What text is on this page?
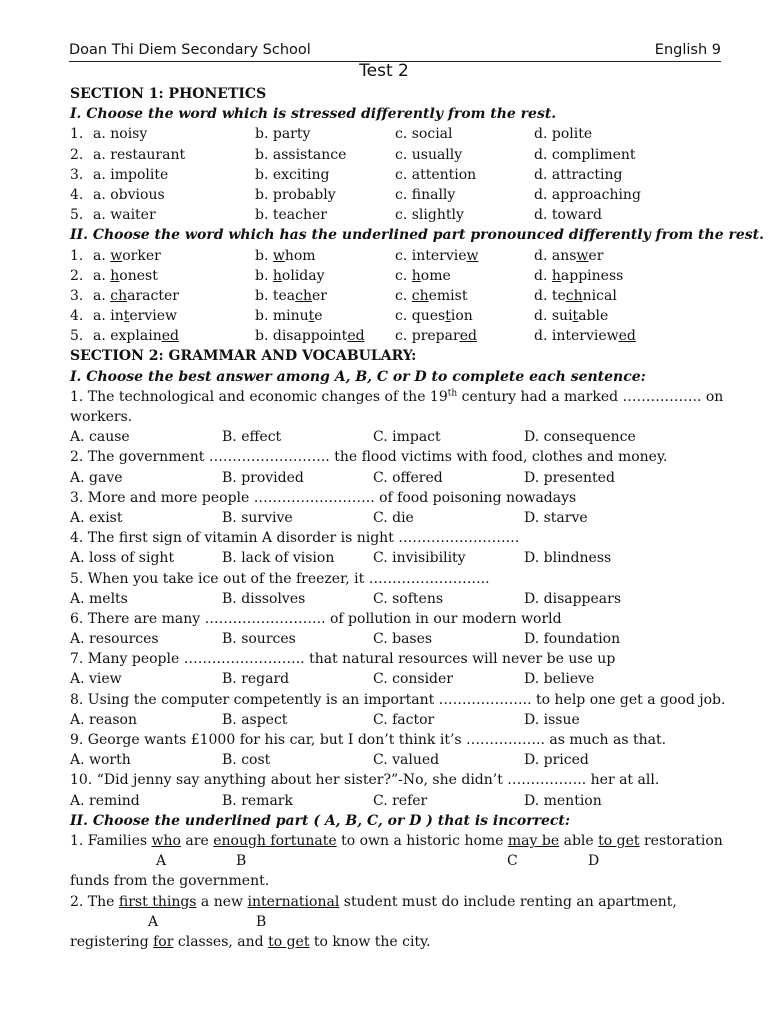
Doan Thi Diem Secondary School	English 9
Test 2
SECTION 1: PHONETICS
I. Choose the word which is stressed differently from the rest.
1. a. noisy	b. party	c. social	d. polite
2. a. restaurant	b. assistance	c. usually	d. compliment
3. a. impolite	b. exciting	c. attention	d. attracting
4. a. obvious	b. probably	c. finally	d. approaching
5. a. waiter	b. teacher	c. slightly	d. toward
II. Choose the word which has the underlined part pronounced differently from the rest.
1. a. worker	b. whom	c. interview	d. answer
2. a. honest	b. holiday	c. home	d. happiness
3. a. character	b. teacher	c. chemist	d. technical
4. a. interview	b. minute	c. question	d. suitable
5. a. explained	b. disappointed c. prepared	d. interviewed
SECTION 2: GRAMMAR AND VOCABULARY:
I. Choose the best answer among A, B, C or D to complete each sentence:
1. The technological and economic changes of the 19th century had a marked …………….. on
workers.
A. cause	B. effect	C. impact	D. consequence
2. The government …………………….. the flood victims with food, clothes and money.
A. gave	B. provided	C. offered	D. presented
3. More and more people …………………….. of food poisoning nowadays
A. exist	B. survive	C. die	D. starve
4. The first sign of vitamin A disorder is night ……………………..
A. loss of sight	B. lack of vision	C. invisibility	D. blindness
5. When you take ice out of the freezer, it ……………………..
A. melts	B. dissolves	C. softens	D. disappears
6. There are many …………………….. of pollution in our modern world
A. resources	B. sources	C. bases	D. foundation
7. Many people …………………….. that natural resources will never be use up
A. view	B. regard	C. consider	D. believe
8. Using the computer competently is an important ……………….. to help one get a good job.
A. reason	B. aspect	C. factor	D. issue
9. George wants £1000 for his car, but I don’t think it’s …………….. as much as that.
A. worth	B. cost	C. valued	D. priced
10. “Did jenny say anything about her sister?”-No, she didn’t …………….. her at all.
A. remind	B. remark	C. refer	D. mention
II. Choose the underlined part ( A, B, C, or D ) that is incorrect:
1. Families who are enough fortunate to own a historic home may be able to get restoration
A	B	C	D
funds from the government.
2. The first things a new international student must do include renting an apartment,
A	B
registering for classes, and to get to know the city.
